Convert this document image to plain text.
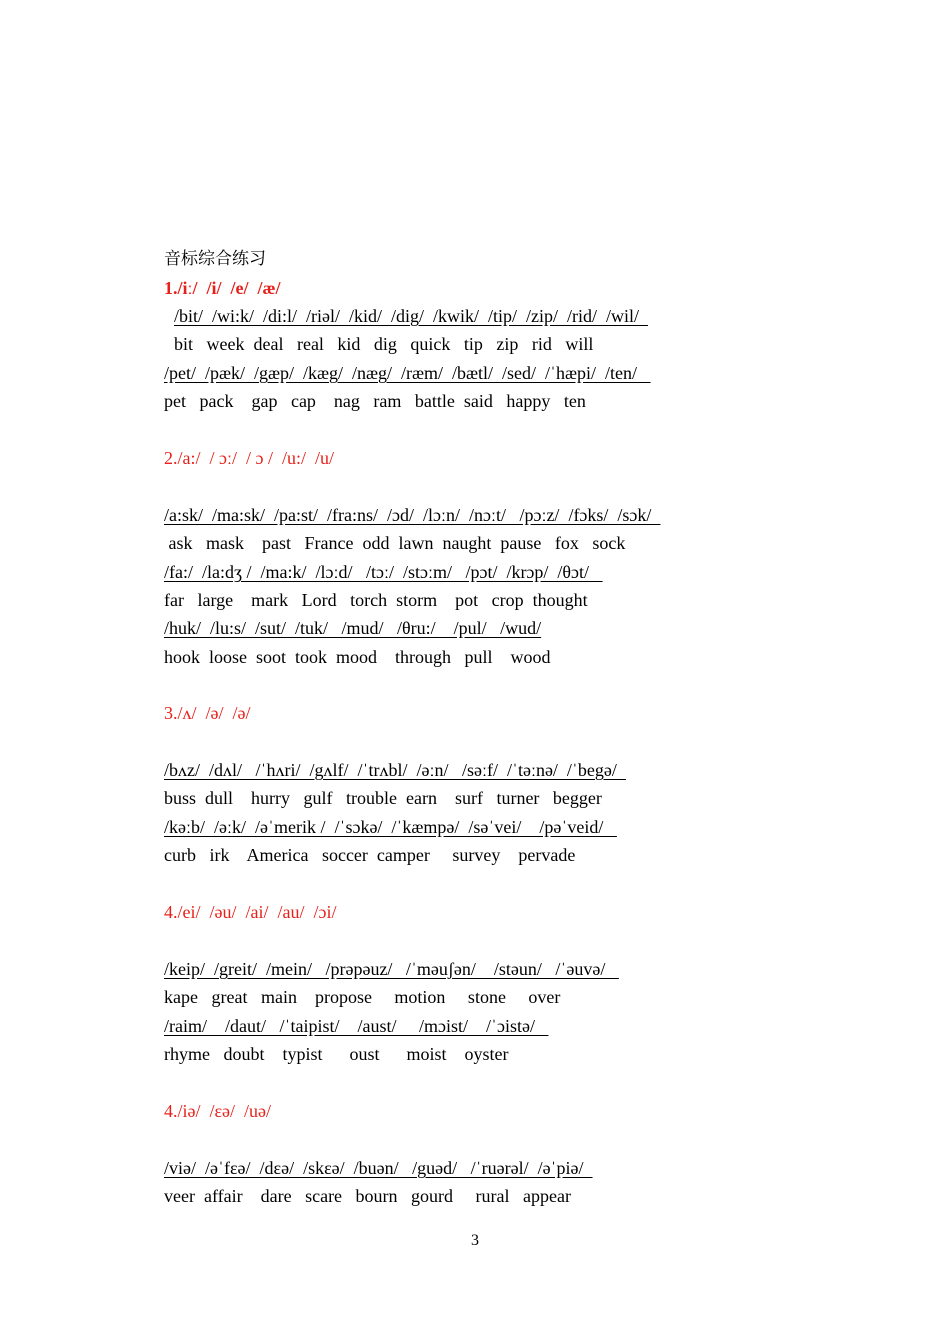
音标综合练习
1./iː/  /i/  /e/  /æ/
/bit/  /wi:k/  /di:l/  /riəl/  /kid/  /dig/  /kwik/  /tip/  /zip/  /rid/  /wil/
bit   week  deal   real   kid   dig   quick   tip   zip   rid   will
/pet/  /pæk/  /gæp/  /kæg/  /næg/  /ræm/  /bætl/  /sed/  /ˈhæpi/  /ten/
pet   pack    gap   cap    nag   ram   battle  said   happy   ten
2./a:/  / ɔː/  / ɔ /  /u:/  /u/
/a:sk/  /ma:sk/  /pa:st/  /fra:ns/  /ɔd/  /lɔːn/  /nɔːt/   /pɔːz/  /fɔks/  /sɔk/
ask   mask    past   France  odd  lawn  naught  pause   fox   sock
/fa:/  /la:dʒ /  /ma:k/  /lɔːd/   /tɔː/  /stɔːm/   /pɔt/  /krɔp/  /θɔt/
far   large    mark   Lord   torch  storm    pot   crop  thought
/huk/  /lu:s/  /sut/  /tuk/   /mud/   /θru:/    /pul/   /wud/
hook  loose  soot  took  mood    through   pull    wood
3./ʌ/  /ə/  /ə/
/bʌz/  /dʌl/   /ˈhʌri/  /gʌlf/  /ˈtrʌbl/  /əːn/   /səːf/  /ˈtəːnə/  /ˈbegə/
buss  dull    hurry   gulf   trouble  earn    surf   turner   begger
/kəːb/  /əːk/  /əˈmerik /  /ˈsɔkə/  /ˈkæmpə/  /səˈvei/    /pəˈveid/
curb   irk    America   soccer  camper     survey    pervade
4./ei/  /əu/  /ai/  /au/  /ɔi/
/keip/  /greit/  /mein/   /prəpəuz/   /ˈməuʃən/    /stəun/   /ˈəuvə/
kape   great   main    propose     motion     stone     over
/raim/    /daut/   /ˈtaipist/    /aust/     /mɔist/    /ˈɔistə/
rhyme   doubt    typist      oust      moist    oyster
4./iə/  /ɛə/  /uə/
/viə/  /əˈfɛə/  /dɛə/  /skɛə/  /buən/   /guəd/   /ˈruərəl/  /əˈpiə/
veer  affair    dare   scare   bourn   gourd     rural   appear
3
